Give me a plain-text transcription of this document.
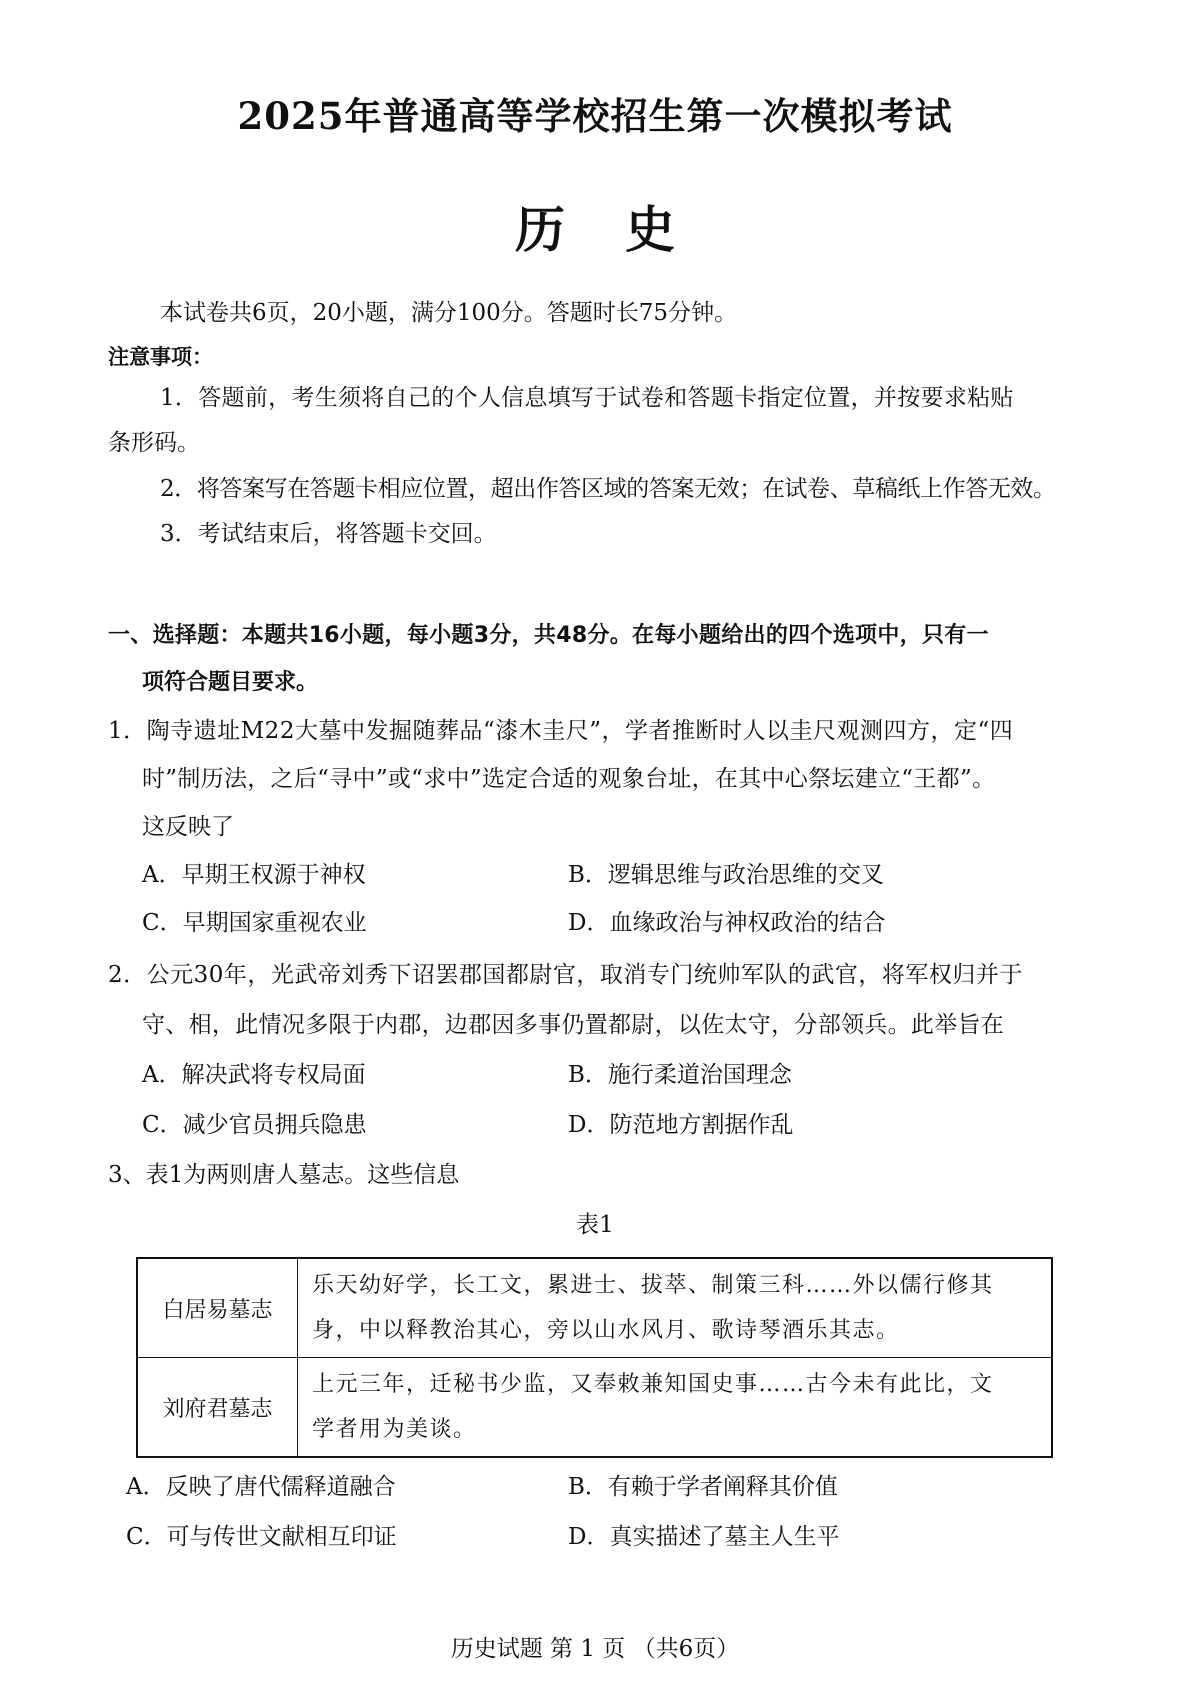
2025年普通高等学校招生第一次模拟考试
历史
本试卷共6页，20小题，满分100分。答题时长75分钟。
注意事项：
1．答题前，考生须将自己的个人信息填写于试卷和答题卡指定位置，并按要求粘贴
条形码。
2．将答案写在答题卡相应位置，超出作答区域的答案无效；在试卷、草稿纸上作答无效。
3．考试结束后，将答题卡交回。
一、选择题：本题共16小题，每小题3分，共48分。在每小题给出的四个选项中，只有一
项符合题目要求。
1．陶寺遗址M22大墓中发掘随葬品“漆木圭尺”，学者推断时人以圭尺观测四方，定“四
时”制历法，之后“寻中”或“求中”选定合适的观象台址，在其中心祭坛建立“王都”。
这反映了
A．早期王权源于神权	B．逻辑思维与政治思维的交叉
C．早期国家重视农业	D．血缘政治与神权政治的结合
2．公元30年，光武帝刘秀下诏罢郡国都尉官，取消专门统帅军队的武官，将军权归并于
守、相，此情况多限于内郡，边郡因多事仍置都尉，以佐太守，分部领兵。此举旨在
A．解决武将专权局面	B．施行柔道治国理念
C．减少官员拥兵隐患	D．防范地方割据作乱
3、表1为两则唐人墓志。这些信息
表1
白居易墓志	乐天幼好学，长工文，累进士、拔萃、制策三科……外以儒行修其
身，中以释教治其心，旁以山水风月、歌诗琴酒乐其志。

刘府君墓志	上元三年，迁秘书少监，又奉敕兼知国史事……古今未有此比，文
学者用为美谈。
A．反映了唐代儒释道融合	B．有赖于学者阐释其价值
C．可与传世文献相互印证	D．真实描述了墓主人生平
历史试题 第 1 页 （共6页）
